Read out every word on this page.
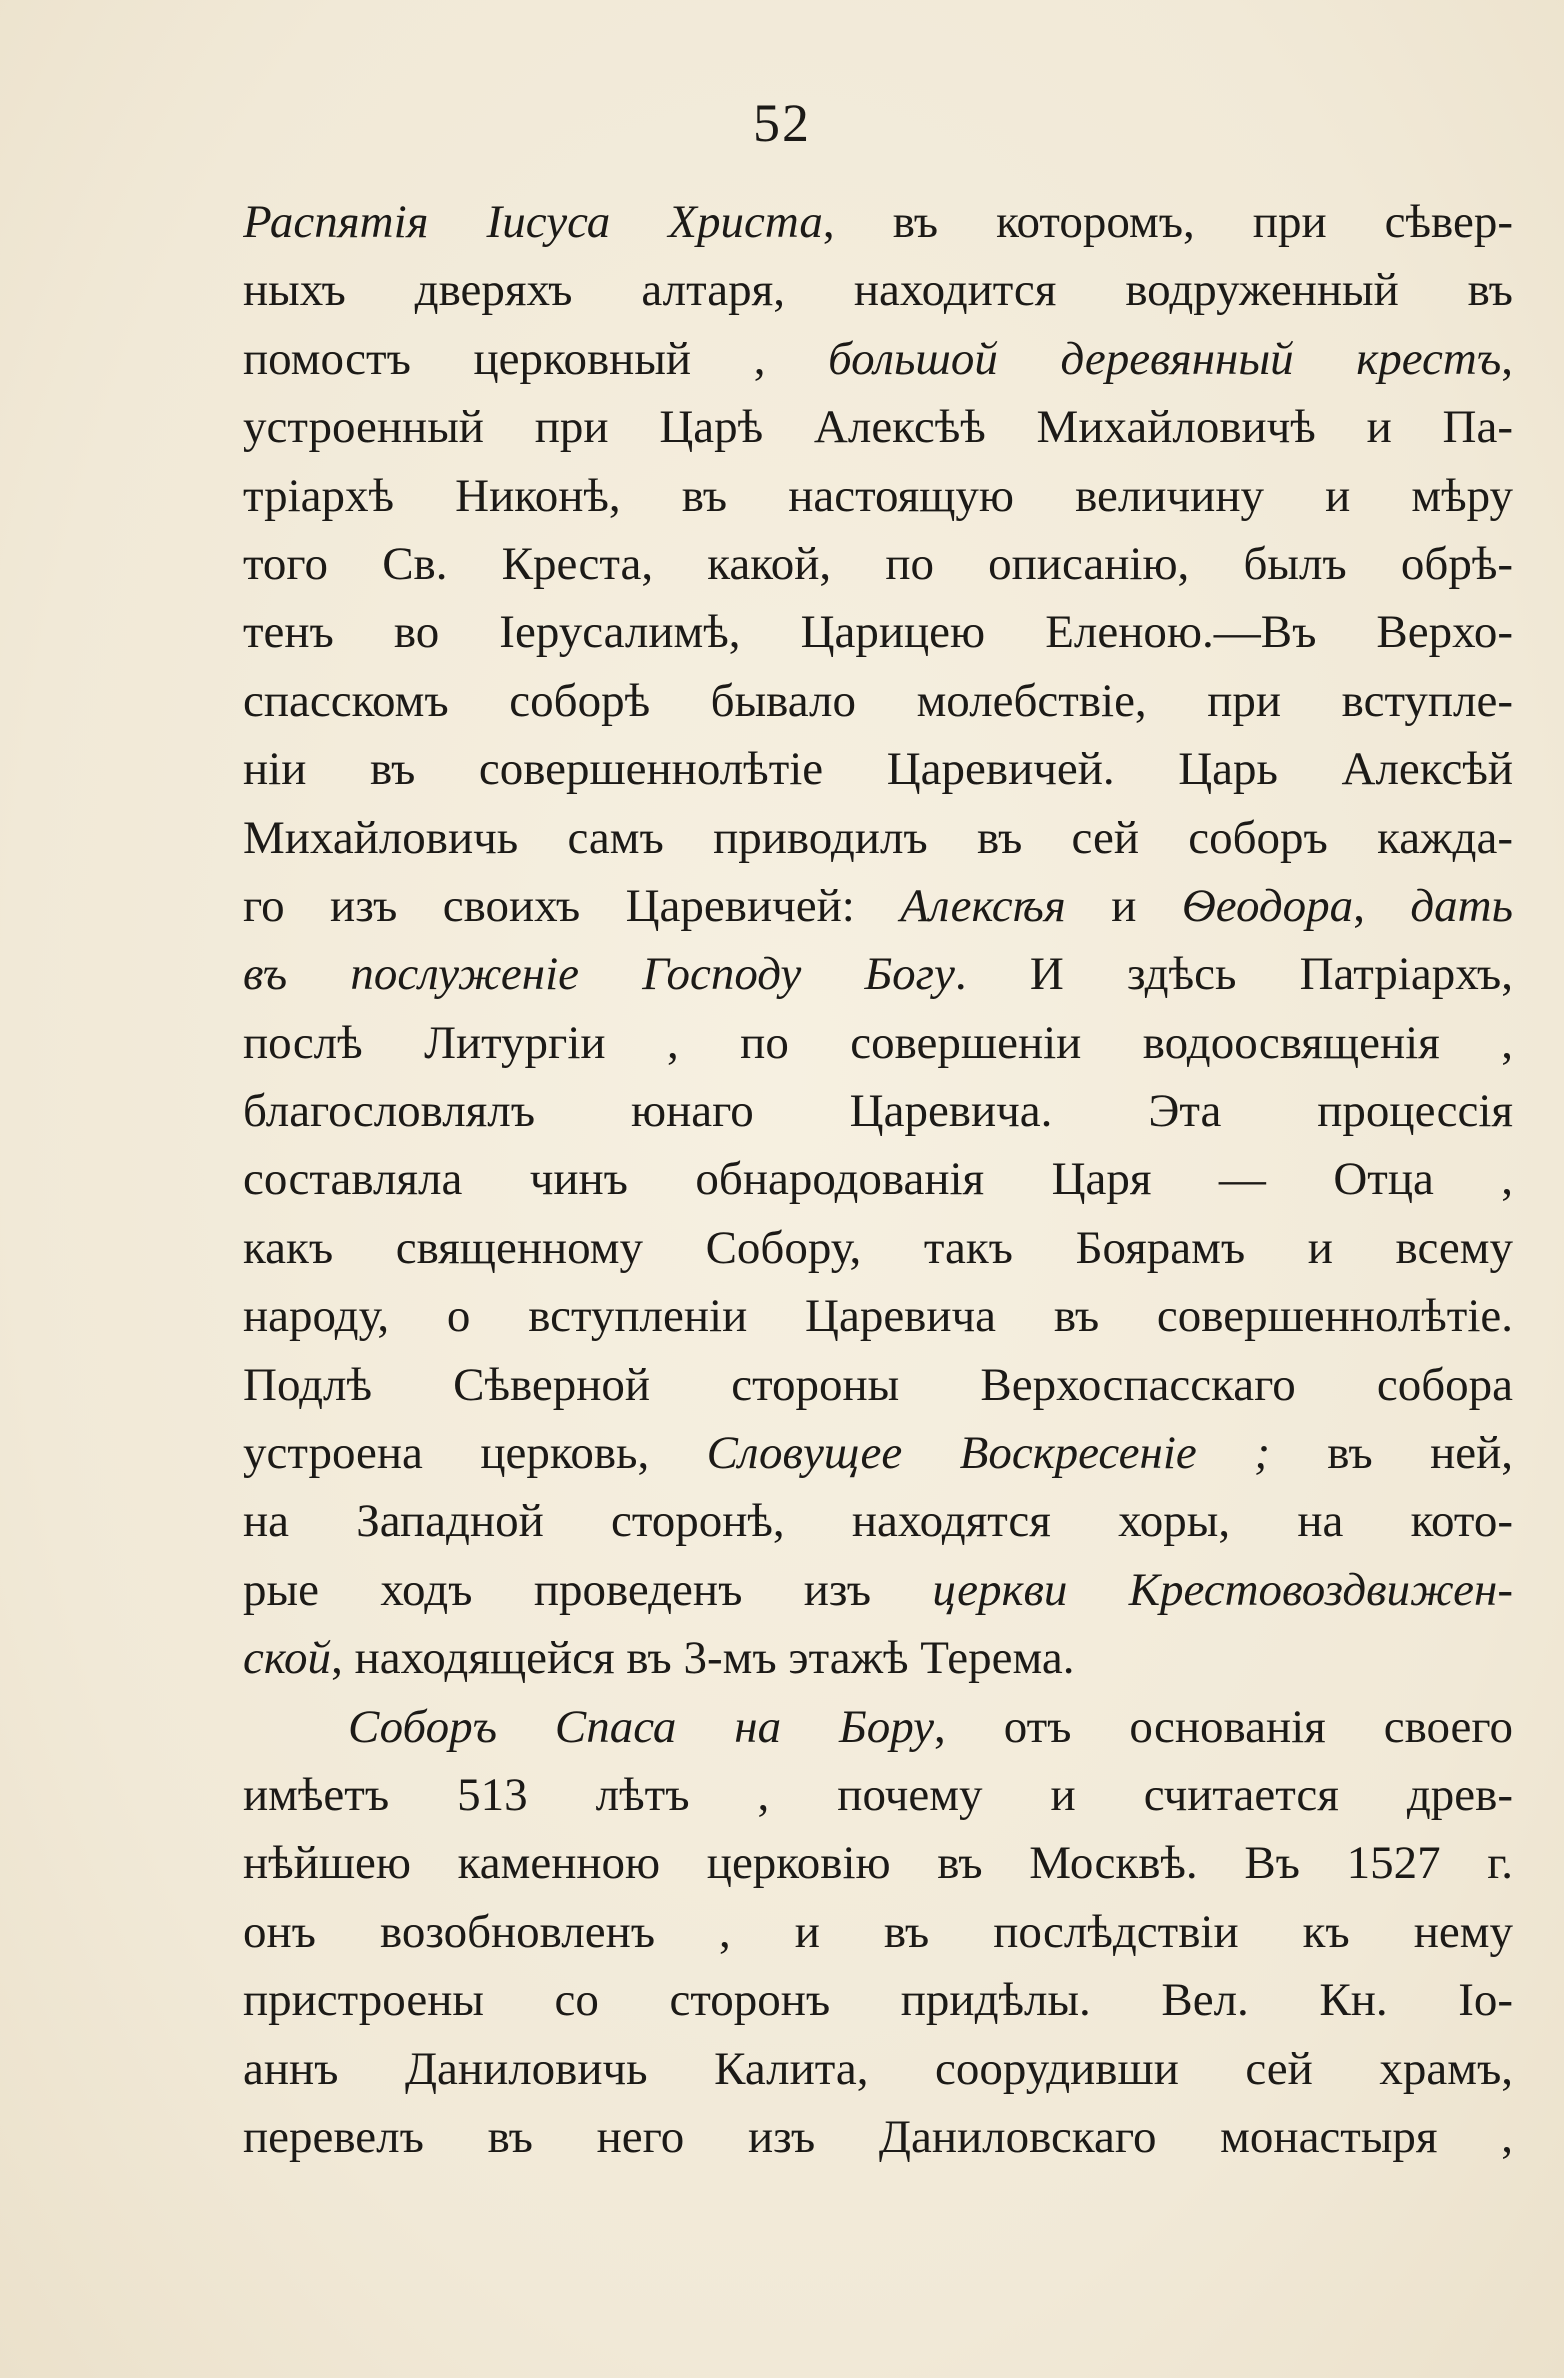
52
Распятія Іисуса Христа, въ которомъ, при сѣвер-
ныхъ дверяхъ алтаря, находится водруженный въ
помостъ церковный , большой деревянный крестъ,
устроенный при Царѣ Алексѣѣ Михайловичѣ и Па-
тріархѣ Никонѣ, въ настоящую величину и мѣру
того Св. Креста, какой, по описанію, былъ обрѣ-
тенъ во Іерусалимѣ, Царицею Еленою.—Въ Верхо-
спасскомъ соборѣ бывало молебствіе, при вступле-
ніи въ совершеннолѣтіе Царевичей. Царь Алексѣй
Михайловичь самъ приводилъ въ сей соборъ кажда-
го изъ своихъ Царевичей: Алексѣя и Ѳеодора, дать
въ послуженіе Господу Богу. И здѣсь Патріархъ,
послѣ Литургіи , по совершеніи водоосвященія ,
благословлялъ юнаго Царевича. Эта процессія
составляла чинъ обнародованія Царя — Отца ,
какъ священному Собору, такъ Боярамъ и всему
народу, о вступленіи Царевича въ совершеннолѣтіе.
Подлѣ Сѣверной стороны Верхоспасскаго собора
устроена церковь, Словущее Воскресеніе ; въ ней,
на Западной сторонѣ, находятся хоры, на кото-
рые ходъ проведенъ изъ церкви Крестовоздвижен-
ской, находящейся въ 3-мъ этажѣ Терема.
Соборъ Спаса на Бору, отъ основанія своего
имѣетъ 513 лѣтъ , почему и считается древ-
нѣйшею каменною церковію въ Москвѣ. Въ 1527 г.
онъ возобновленъ , и въ послѣдствіи къ нему
пристроены со сторонъ придѣлы. Вел. Кн. Іо-
аннъ Даниловичь Калита, соорудивши сей храмъ,
перевелъ въ него изъ Даниловскаго монастыря ,
